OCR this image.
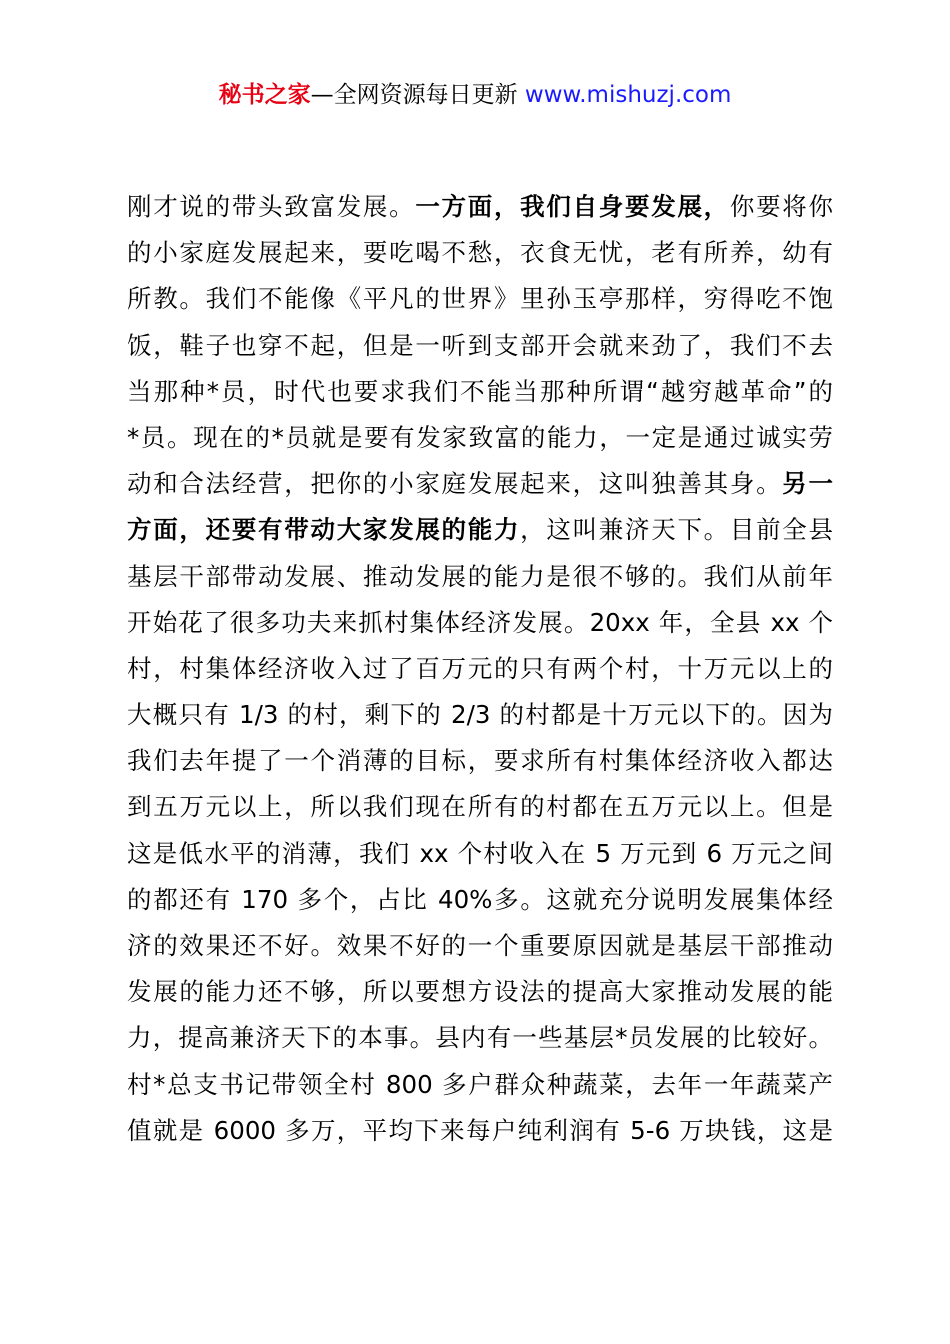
秘书之家—全网资源每日更新 www.mishuzj.com
刚才说的带头致富发展。一方面，我们自身要发展，你要将你
的小家庭发展起来，要吃喝不愁，衣食无忧，老有所养，幼有
所教。我们不能像《平凡的世界》里孙玉亭那样，穷得吃不饱
饭，鞋子也穿不起，但是一听到支部开会就来劲了，我们不去
当那种*员，时代也要求我们不能当那种所谓“越穷越革命”的
*员。现在的*员就是要有发家致富的能力，一定是通过诚实劳
动和合法经营，把你的小家庭发展起来，这叫独善其身。另一
方面，还要有带动大家发展的能力，这叫兼济天下。目前全县
基层干部带动发展、推动发展的能力是很不够的。我们从前年
开始花了很多功夫来抓村集体经济发展。20xx 年，全县 xx 个
村，村集体经济收入过了百万元的只有两个村，十万元以上的
大概只有 1/3 的村，剩下的 2/3 的村都是十万元以下的。因为
我们去年提了一个消薄的目标，要求所有村集体经济收入都达
到五万元以上，所以我们现在所有的村都在五万元以上。但是
这是低水平的消薄，我们 xx 个村收入在 5 万元到 6 万元之间
的都还有 170 多个，占比 40%多。这就充分说明发展集体经
济的效果还不好。效果不好的一个重要原因就是基层干部推动
发展的能力还不够，所以要想方设法的提高大家推动发展的能
力，提高兼济天下的本事。县内有一些基层*员发展的比较好。
村*总支书记带领全村 800 多户群众种蔬菜，去年一年蔬菜产
值就是 6000 多万，平均下来每户纯利润有 5-6 万块钱，这是
